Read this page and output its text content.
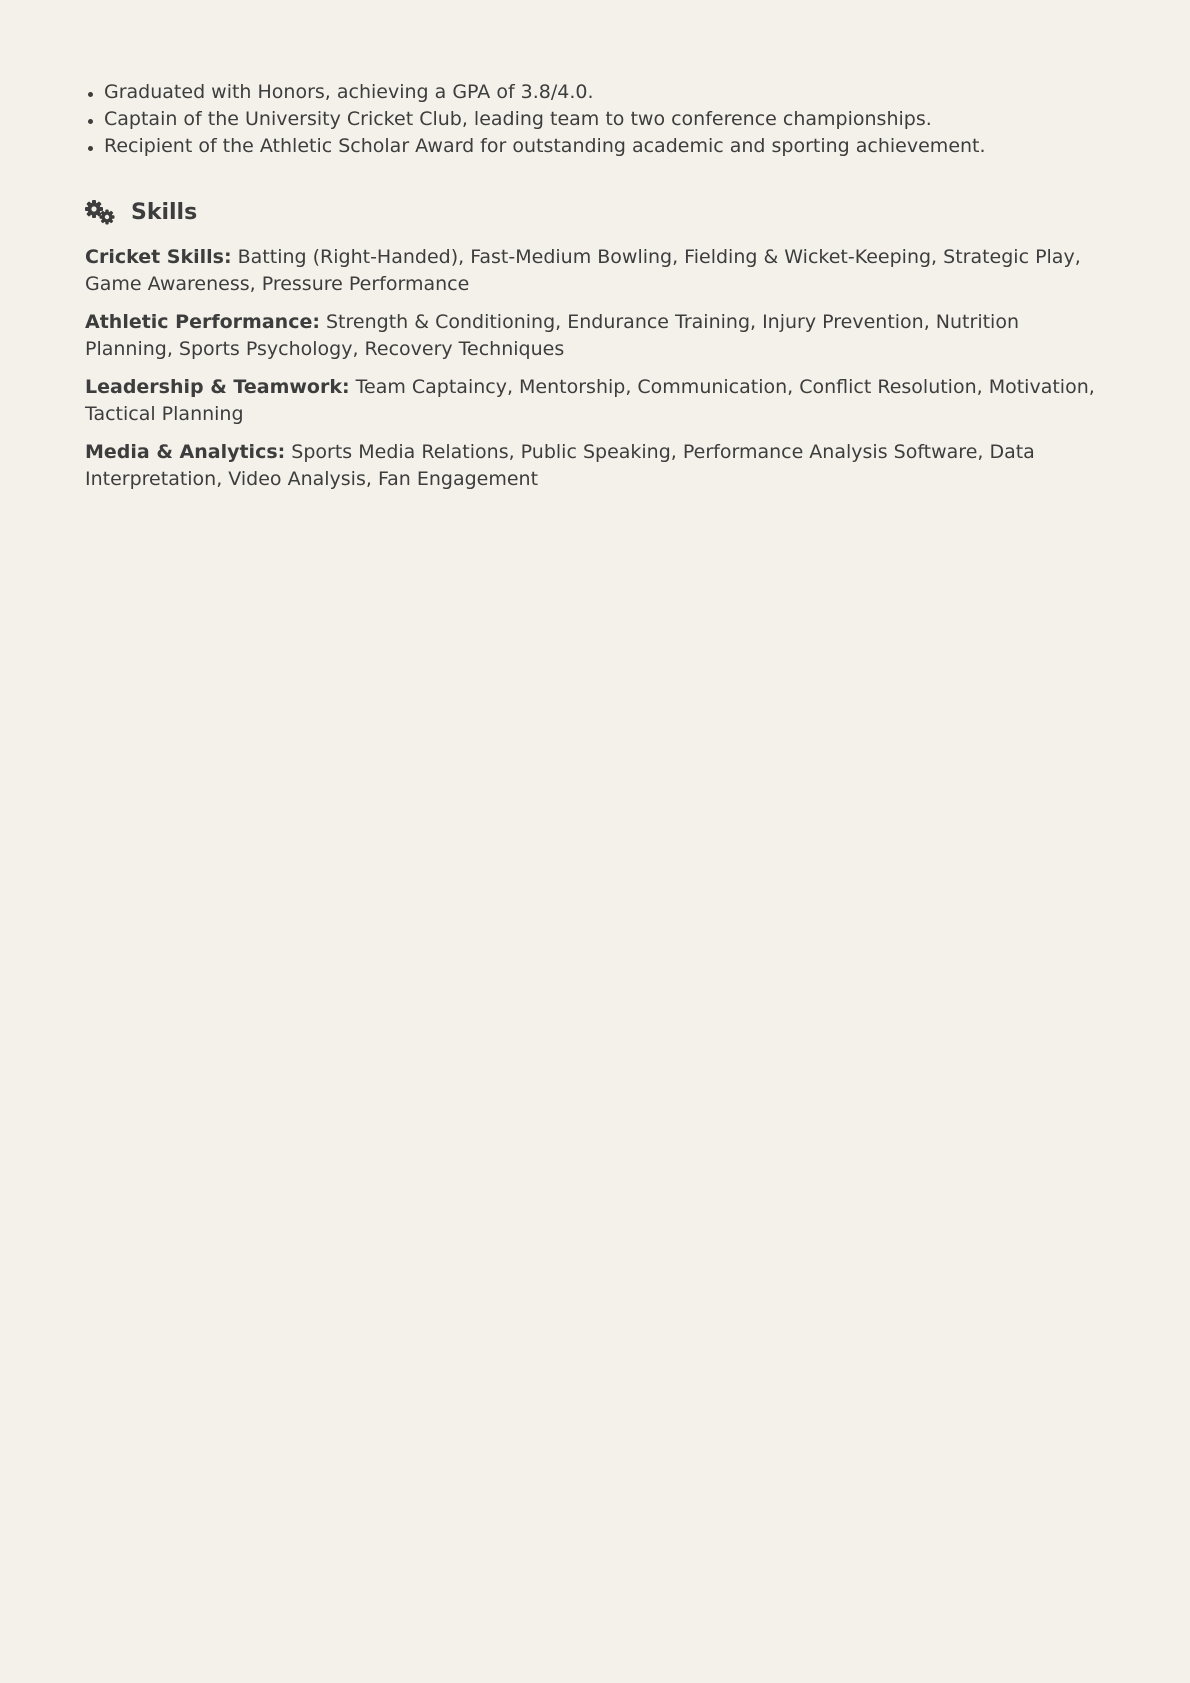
Graduated with Honors, achieving a GPA of 3.8/4.0.
Captain of the University Cricket Club, leading team to two conference championships.
Recipient of the Athletic Scholar Award for outstanding academic and sporting achievement.
Skills

Cricket Skills: Batting (Right-Handed), Fast-Medium Bowling, Fielding & Wicket-Keeping, Strategic Play, Game Awareness, Pressure Performance

Athletic Performance: Strength & Conditioning, Endurance Training, Injury Prevention, Nutrition Planning, Sports Psychology, Recovery Techniques

Leadership & Teamwork: Team Captaincy, Mentorship, Communication, Conflict Resolution, Motivation, Tactical Planning

Media & Analytics: Sports Media Relations, Public Speaking, Performance Analysis Software, Data Interpretation, Video Analysis, Fan Engagement
